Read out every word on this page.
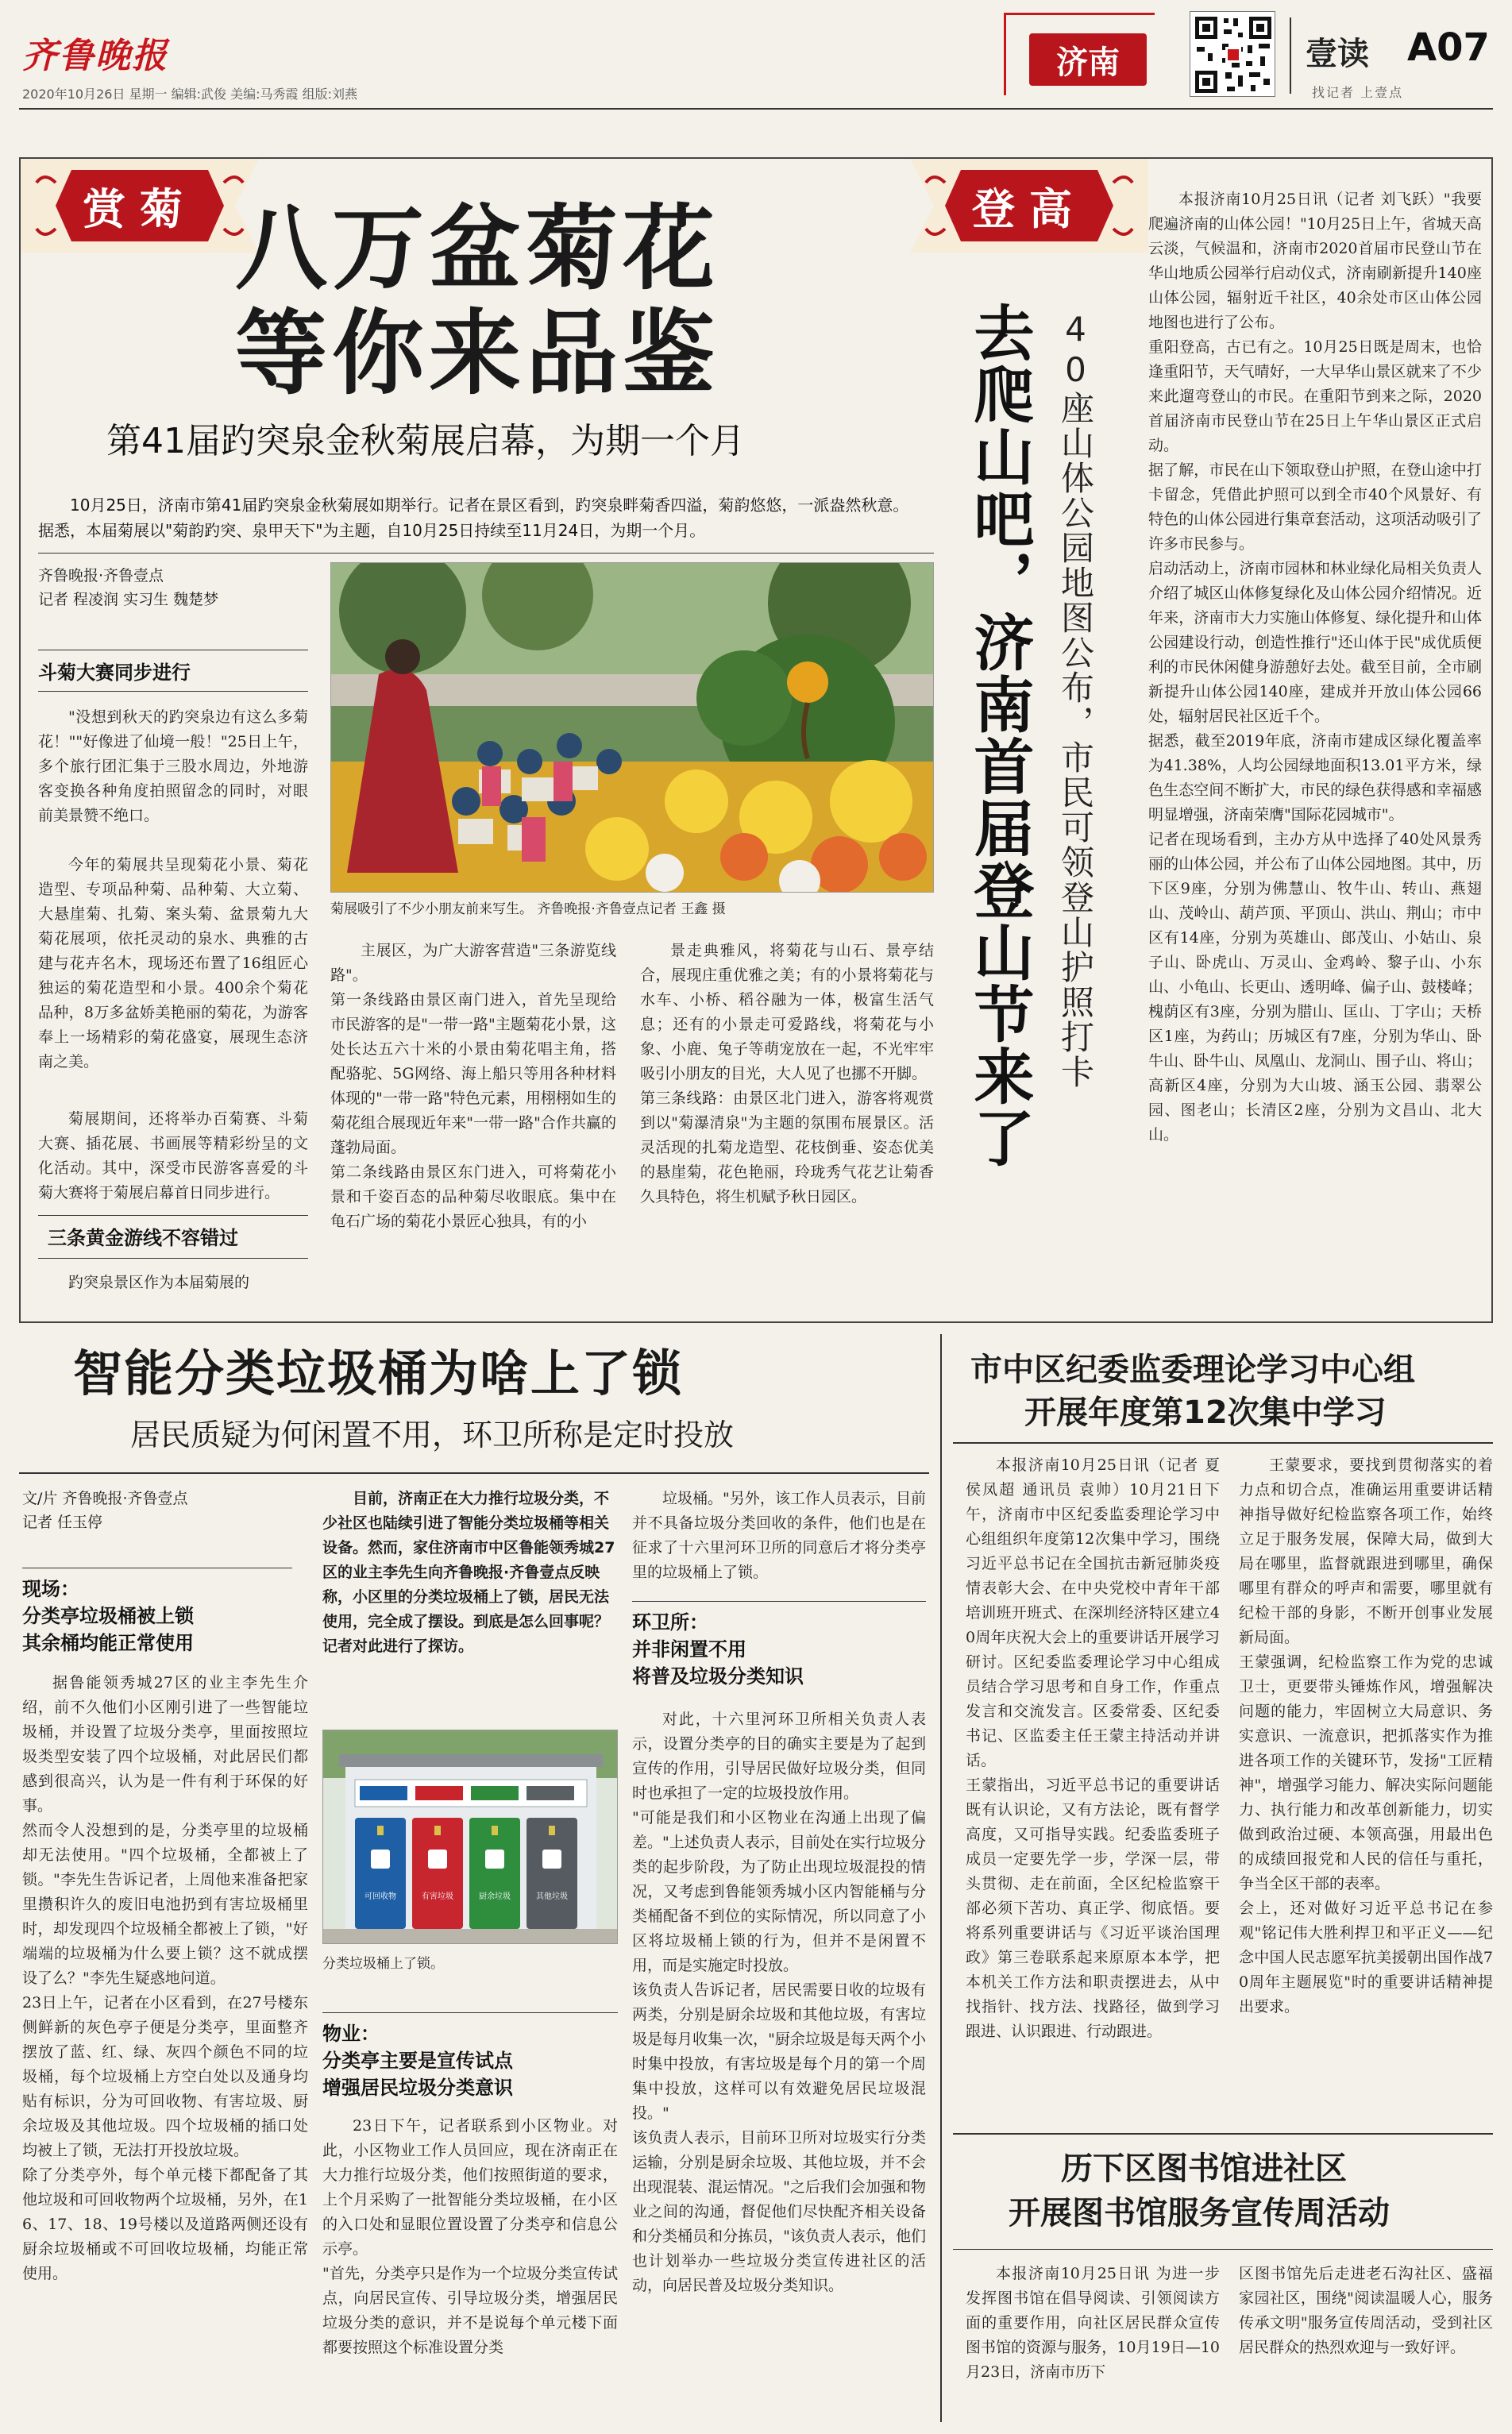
齐鲁晚报
2020年10月26日 星期一 编辑:武俊 美编:马秀霞 组版:刘燕
济南	壹读 A07
找记者 上壹点
赏菊 八万盆菊花
等你来品鉴
第41届趵突泉金秋菊展启幕，为期一个月
10月25日，济南市第41届趵突泉金秋菊展如期举行。记者在景区看到，趵突泉畔菊香四溢，菊韵悠悠，一派盎然秋意。据悉，本届菊展以"菊韵趵突、泉甲天下"为主题，自10月25日持续至11月24日，为期一个月。
齐鲁晚报·齐鲁壹点
记者 程凌润 实习生 魏楚梦
菊展吸引了不少小朋友前来写生。 齐鲁晚报·齐鲁壹点记者 王鑫 摄
斗菊大赛同步进行
"没想到秋天的趵突泉边有这么多菊花！""好像进了仙境一般！"25日上午，多个旅行团汇集于三股水周边，外地游客变换各种角度拍照留念的同时，对眼前美景赞不绝口。
今年的菊展共呈现菊花小景、菊花造型、专项品种菊、品种菊、大立菊、大悬崖菊、扎菊、案头菊、盆景菊九大菊花展项，依托灵动的泉水、典雅的古建与花卉名木，现场还布置了16组匠心独运的菊花造型和小景。400余个菊花品种，8万多盆娇美艳丽的菊花，为游客奉上一场精彩的菊花盛宴，展现生态济南之美。
菊展期间，还将举办百菊赛、斗菊大赛、插花展、书画展等精彩纷呈的文化活动。其中，深受市民游客喜爱的斗菊大赛将于菊展启幕首日同步进行。
三条黄金游线不容错过
趵突泉景区作为本届菊展的
主展区，为广大游客营造"三条游览线路"。
第一条线路由景区南门进入，首先呈现给市民游客的是"一带一路"主题菊花小景，这处长达五六十米的小景由菊花唱主角，搭配骆驼、5G网络、海上船只等用各种材料体现的"一带一路"特色元素，用栩栩如生的菊花组合展现近年来"一带一路"合作共赢的蓬勃局面。
第二条线路由景区东门进入，可将菊花小景和千姿百态的品种菊尽收眼底。集中在龟石广场的菊花小景匠心独具，有的小
景走典雅风，将菊花与山石、景亭结合，展现庄重优雅之美；有的小景将菊花与水车、小桥、稻谷融为一体，极富生活气息；还有的小景走可爱路线，将菊花与小象、小鹿、兔子等萌宠放在一起，不光牢牢吸引小朋友的目光，大人见了也挪不开脚。
第三条线路：由景区北门进入，游客将观赏到以"菊瀑清泉"为主题的氛围布展景区。活灵活现的扎菊龙造型、花枝倒垂、姿态优美的悬崖菊，花色艳丽，玲珑秀气花艺让菊香久具特色，将生机赋予秋日园区。
登高
40座山体公园地图公布，市民可领登山护照打卡
去爬山吧，济南首届登山节来了
本报济南10月25日讯（记者 刘飞跃）"我要爬遍济南的山体公园！"10月25日上午，省城天高云淡，气候温和，济南市2020首届市民登山节在华山地质公园举行启动仪式，济南刷新提升140座山体公园，辐射近千社区，40余处市区山体公园地图也进行了公布。
重阳登高，古已有之。10月25日既是周末，也恰逢重阳节，天气晴好，一大早华山景区就来了不少来此遛弯登山的市民。在重阳节到来之际，2020首届济南市民登山节在25日上午华山景区正式启动。
据了解，市民在山下领取登山护照，在登山途中打卡留念，凭借此护照可以到全市40个风景好、有特色的山体公园进行集章套活动，这项活动吸引了许多市民参与。
启动活动上，济南市园林和林业绿化局相关负责人介绍了城区山体修复绿化及山体公园介绍情况。近年来，济南市大力实施山体修复、绿化提升和山体公园建设行动，创造性推行"还山体于民"成优质便利的市民休闲健身游憩好去处。截至目前，全市刷新提升山体公园140座，建成并开放山体公园66处，辐射居民社区近千个。
据悉，截至2019年底，济南市建成区绿化覆盖率为41.38%，人均公园绿地面积13.01平方米，绿色生态空间不断扩大，市民的绿色获得感和幸福感明显增强，济南荣膺"国际花园城市"。
记者在现场看到，主办方从中选择了40处风景秀丽的山体公园，并公布了山体公园地图。其中，历下区9座，分别为佛慧山、牧牛山、转山、燕翅山、茂岭山、葫芦顶、平顶山、洪山、荆山；市中区有14座，分别为英雄山、郎茂山、小姑山、泉子山、卧虎山、万灵山、金鸡岭、黎子山、小东山、小龟山、长更山、透明峰、偏子山、鼓楼峰；槐荫区有3座，分别为腊山、匡山、丁字山；天桥区1座，为药山；历城区有7座，分别为华山、卧牛山、卧牛山、凤凰山、龙洞山、围子山、将山；高新区4座，分别为大山坡、涵玉公园、翡翠公园、图老山；长清区2座，分别为文昌山、北大山。
智能分类垃圾桶为啥上了锁
居民质疑为何闲置不用，环卫所称是定时投放
文/片 齐鲁晚报·齐鲁壹点
记者 任玉停
现场：
分类亭垃圾桶被上锁
其余桶均能正常使用
据鲁能领秀城27区的业主李先生介绍，前不久他们小区刚引进了一些智能垃圾桶，并设置了垃圾分类亭，里面按照垃圾类型安装了四个垃圾桶，对此居民们都感到很高兴，认为是一件有利于环保的好事。
然而令人没想到的是，分类亭里的垃圾桶却无法使用。"四个垃圾桶，全都被上了锁。"李先生告诉记者，上周他来准备把家里攒积许久的废旧电池扔到有害垃圾桶里时，却发现四个垃圾桶全都被上了锁，"好端端的垃圾桶为什么要上锁？这不就成摆设了么？"李先生疑惑地问道。
23日上午，记者在小区看到，在27号楼东侧鲜新的灰色亭子便是分类亭，里面整齐摆放了蓝、红、绿、灰四个颜色不同的垃圾桶，每个垃圾桶上方空白处以及通身均贴有标识，分为可回收物、有害垃圾、厨余垃圾及其他垃圾。四个垃圾桶的插口处均被上了锁，无法打开投放垃圾。
除了分类亭外，每个单元楼下都配备了其他垃圾和可回收物两个垃圾桶，另外，在16、17、18、19号楼以及道路两侧还设有厨余垃圾桶或不可回收垃圾桶，均能正常使用。
目前，济南正在大力推行垃圾分类，不少社区也陆续引进了智能分类垃圾桶等相关设备。然而，家住济南市中区鲁能领秀城27区的业主李先生向齐鲁晚报·齐鲁壹点反映称，小区里的分类垃圾桶上了锁，居民无法使用，完全成了摆设。到底是怎么回事呢？记者对此进行了探访。
可回收物	有害垃圾	厨余垃圾	其他垃圾
分类垃圾桶上了锁。
物业：
分类亭主要是宣传试点
增强居民垃圾分类意识
23日下午，记者联系到小区物业。对此，小区物业工作人员回应，现在济南正在大力推行垃圾分类，他们按照街道的要求，上个月采购了一批智能分类垃圾桶，在小区的入口处和显眼位置设置了分类亭和信息公示亭。
"首先，分类亭只是作为一个垃圾分类宣传试点，向居民宣传、引导垃圾分类，增强居民垃圾分类的意识，并不是说每个单元楼下面都要按照这个标准设置分类
垃圾桶。"另外，该工作人员表示，目前并不具备垃圾分类回收的条件，他们也是在征求了十六里河环卫所的同意后才将分类亭里的垃圾桶上了锁。
环卫所：
并非闲置不用
将普及垃圾分类知识
对此，十六里河环卫所相关负责人表示，设置分类亭的目的确实主要是为了起到宣传的作用，引导居民做好垃圾分类，但同时也承担了一定的垃圾投放作用。
"可能是我们和小区物业在沟通上出现了偏差。"上述负责人表示，目前处在实行垃圾分类的起步阶段，为了防止出现垃圾混投的情况，又考虑到鲁能领秀城小区内智能桶与分类桶配备不到位的实际情况，所以同意了小区将垃圾桶上锁的行为，但并不是闲置不用，而是实施定时投放。
该负责人告诉记者，居民需要日收的垃圾有两类，分别是厨余垃圾和其他垃圾，有害垃圾是每月收集一次，"厨余垃圾是每天两个小时集中投放，有害垃圾是每个月的第一个周集中投放，这样可以有效避免居民垃圾混投。"
该负责人表示，目前环卫所对垃圾实行分类运输，分别是厨余垃圾、其他垃圾，并不会出现混装、混运情况。"之后我们会加强和物业之间的沟通，督促他们尽快配齐相关设备和分类桶员和分拣员，"该负责人表示，他们也计划举办一些垃圾分类宣传进社区的活动，向居民普及垃圾分类知识。
市中区纪委监委理论学习中心组
开展年度第12次集中学习
本报济南10月25日讯（记者 夏侯凤超 通讯员 袁帅）10月21日下午，济南市中区纪委监委理论学习中心组组织年度第12次集中学习，围绕习近平总书记在全国抗击新冠肺炎疫情表彰大会、在中央党校中青年干部培训班开班式、在深圳经济特区建立40周年庆祝大会上的重要讲话开展学习研讨。区纪委监委理论学习中心组成员结合学习思考和自身工作，作重点发言和交流发言。区委常委、区纪委书记、区监委主任王蒙主持活动并讲话。
王蒙指出，习近平总书记的重要讲话既有认识论，又有方法论，既有督学高度，又可指导实践。纪委监委班子成员一定要先学一步，学深一层，带头贯彻、走在前面，全区纪检监察干部必须下苦功、真正学、彻底悟。要将系列重要讲话与《习近平谈治国理政》第三卷联系起来原原本本学，把本机关工作方法和职责摆进去，从中找指针、找方法、找路径，做到学习跟进、认识跟进、行动跟进。
王蒙要求，要找到贯彻落实的着力点和切合点，准确运用重要讲话精神指导做好纪检监察各项工作，始终立足于服务发展，保障大局，做到大局在哪里，监督就跟进到哪里，确保哪里有群众的呼声和需要，哪里就有纪检干部的身影，不断开创事业发展新局面。
王蒙强调，纪检监察工作为党的忠诚卫士，更要带头锤炼作风，增强解决问题的能力，牢固树立大局意识、务实意识、一流意识，把抓落实作为推进各项工作的关键环节，发扬"工匠精神"，增强学习能力、解决实际问题能力、执行能力和改革创新能力，切实做到政治过硬、本领高强，用最出色的成绩回报党和人民的信任与重托，争当全区干部的表率。
会上，还对做好习近平总书记在参观"铭记伟大胜利捍卫和平正义——纪念中国人民志愿军抗美援朝出国作战70周年主题展览"时的重要讲话精神提出要求。
历下区图书馆进社区
开展图书馆服务宣传周活动
本报济南10月25日讯 为进一步发挥图书馆在倡导阅读、引领阅读方面的重要作用，向社区居民群众宣传图书馆的资源与服务，10月19日—10月23日，济南市历下
区图书馆先后走进老石沟社区、盛福家园社区，围绕"阅读温暖人心，服务传承文明"服务宣传周活动，受到社区居民群众的热烈欢迎与一致好评。
